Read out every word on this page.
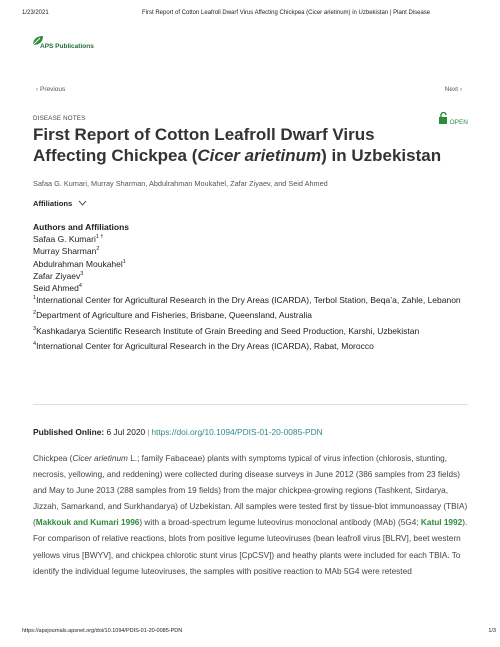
1/23/2021	First Report of Cotton Leafroll Dwarf Virus Affecting Chickpea (Cicer arietinum) in Uzbekistan | Plant Disease
APS Publications
‹ Previous	Next ›
DISEASE NOTES
OPEN
First Report of Cotton Leafroll Dwarf Virus
Affecting Chickpea (Cicer arietinum) in Uzbekistan
Safaa G. Kumari, Murray Sharman, Abdulrahman Moukahel, Zafar Ziyaev, and Seid Ahmed
Affiliations
Authors and Affiliations
Safaa G. Kumari$^{1 \dagger}$
Murray Sharman$^2$
Abdulrahman Moukahel$^1$
Zafar Ziyaev$^3$
Seid Ahmed$^4$
$^1$International Center for Agricultural Research in the Dry Areas (ICARDA), Terbol Station, Beqa’a, Zahle, Lebanon
$^2$Department of Agriculture and Fisheries, Brisbane, Queensland, Australia
$^3$Kashkadarya Scientific Research Institute of Grain Breeding and Seed Production, Karshi, Uzbekistan
$^4$International Center for Agricultural Research in the Dry Areas (ICARDA), Rabat, Morocco
Published Online: 6 Jul 2020 | https://doi.org/10.1094/PDIS-01-20-0085-PDN
Chickpea (Cicer arietinum L.; family Fabaceae) plants with symptoms typical of virus infection (chlorosis, stunting, necrosis, yellowing, and reddening) were collected during disease surveys in June 2012 (386 samples from 23 fields) and May to June 2013 (288 samples from 19 fields) from the major chickpea-growing regions (Tashkent, Sirdarya, Jizzah, Samarkand, and Surkhandarya) of Uzbekistan. All samples were tested first by tissue-blot immunoassay (TBIA) (Makkouk and Kumari 1996) with a broad-spectrum legume luteovirus monoclonal antibody (MAb) (5G4; Katul 1992). For comparison of relative reactions, blots from positive legume luteoviruses (bean leafroll virus [BLRV], beet western yellows virus [BWYV], and chickpea chlorotic stunt virus [CpCSV]) and heathy plants were included for each TBIA. To identify the individual legume luteoviruses, the samples with positive reaction to MAb 5G4 were retested
https://apsjournals.apsnet.org/doi/10.1094/PDIS-01-20-0085-PDN	1/3
